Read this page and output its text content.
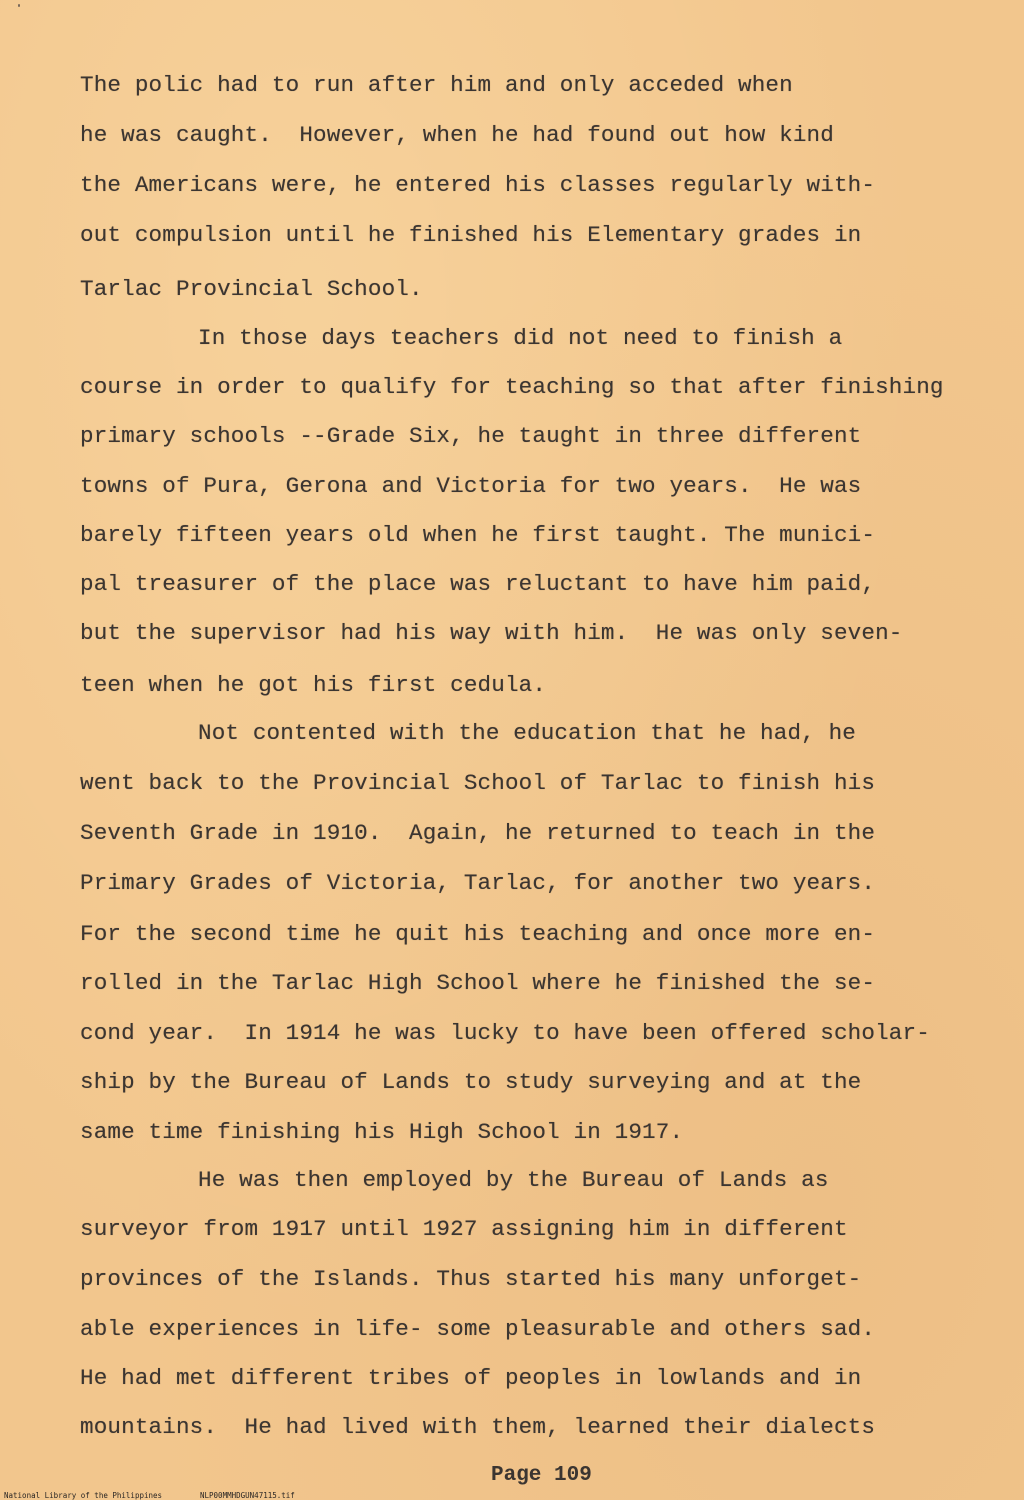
The polic had to run after him and only acceded when
he was caught.  However, when he had found out how kind
the Americans were, he entered his classes regularly with-
out compulsion until he finished his Elementary grades in
Tarlac Provincial School.
In those days teachers did not need to finish a
course in order to qualify for teaching so that after finishing
primary schools --Grade Six, he taught in three different
towns of Pura, Gerona and Victoria for two years.  He was
barely fifteen years old when he first taught. The munici-
pal treasurer of the place was reluctant to have him paid,
but the supervisor had his way with him.  He was only seven-
teen when he got his first cedula.
Not contented with the education that he had, he
went back to the Provincial School of Tarlac to finish his
Seventh Grade in 1910.  Again, he returned to teach in the
Primary Grades of Victoria, Tarlac, for another two years.
For the second time he quit his teaching and once more en-
rolled in the Tarlac High School where he finished the se-
cond year.  In 1914 he was lucky to have been offered scholar-
ship by the Bureau of Lands to study surveying and at the
same time finishing his High School in 1917.
He was then employed by the Bureau of Lands as
surveyor from 1917 until 1927 assigning him in different
provinces of the Islands. Thus started his many unforget-
able experiences in life- some pleasurable and others sad.
He had met different tribes of peoples in lowlands and in
mountains.  He had lived with them, learned their dialects
Page 109
National Library of the Philippines	NLP00MMHDGUN47115.tif
